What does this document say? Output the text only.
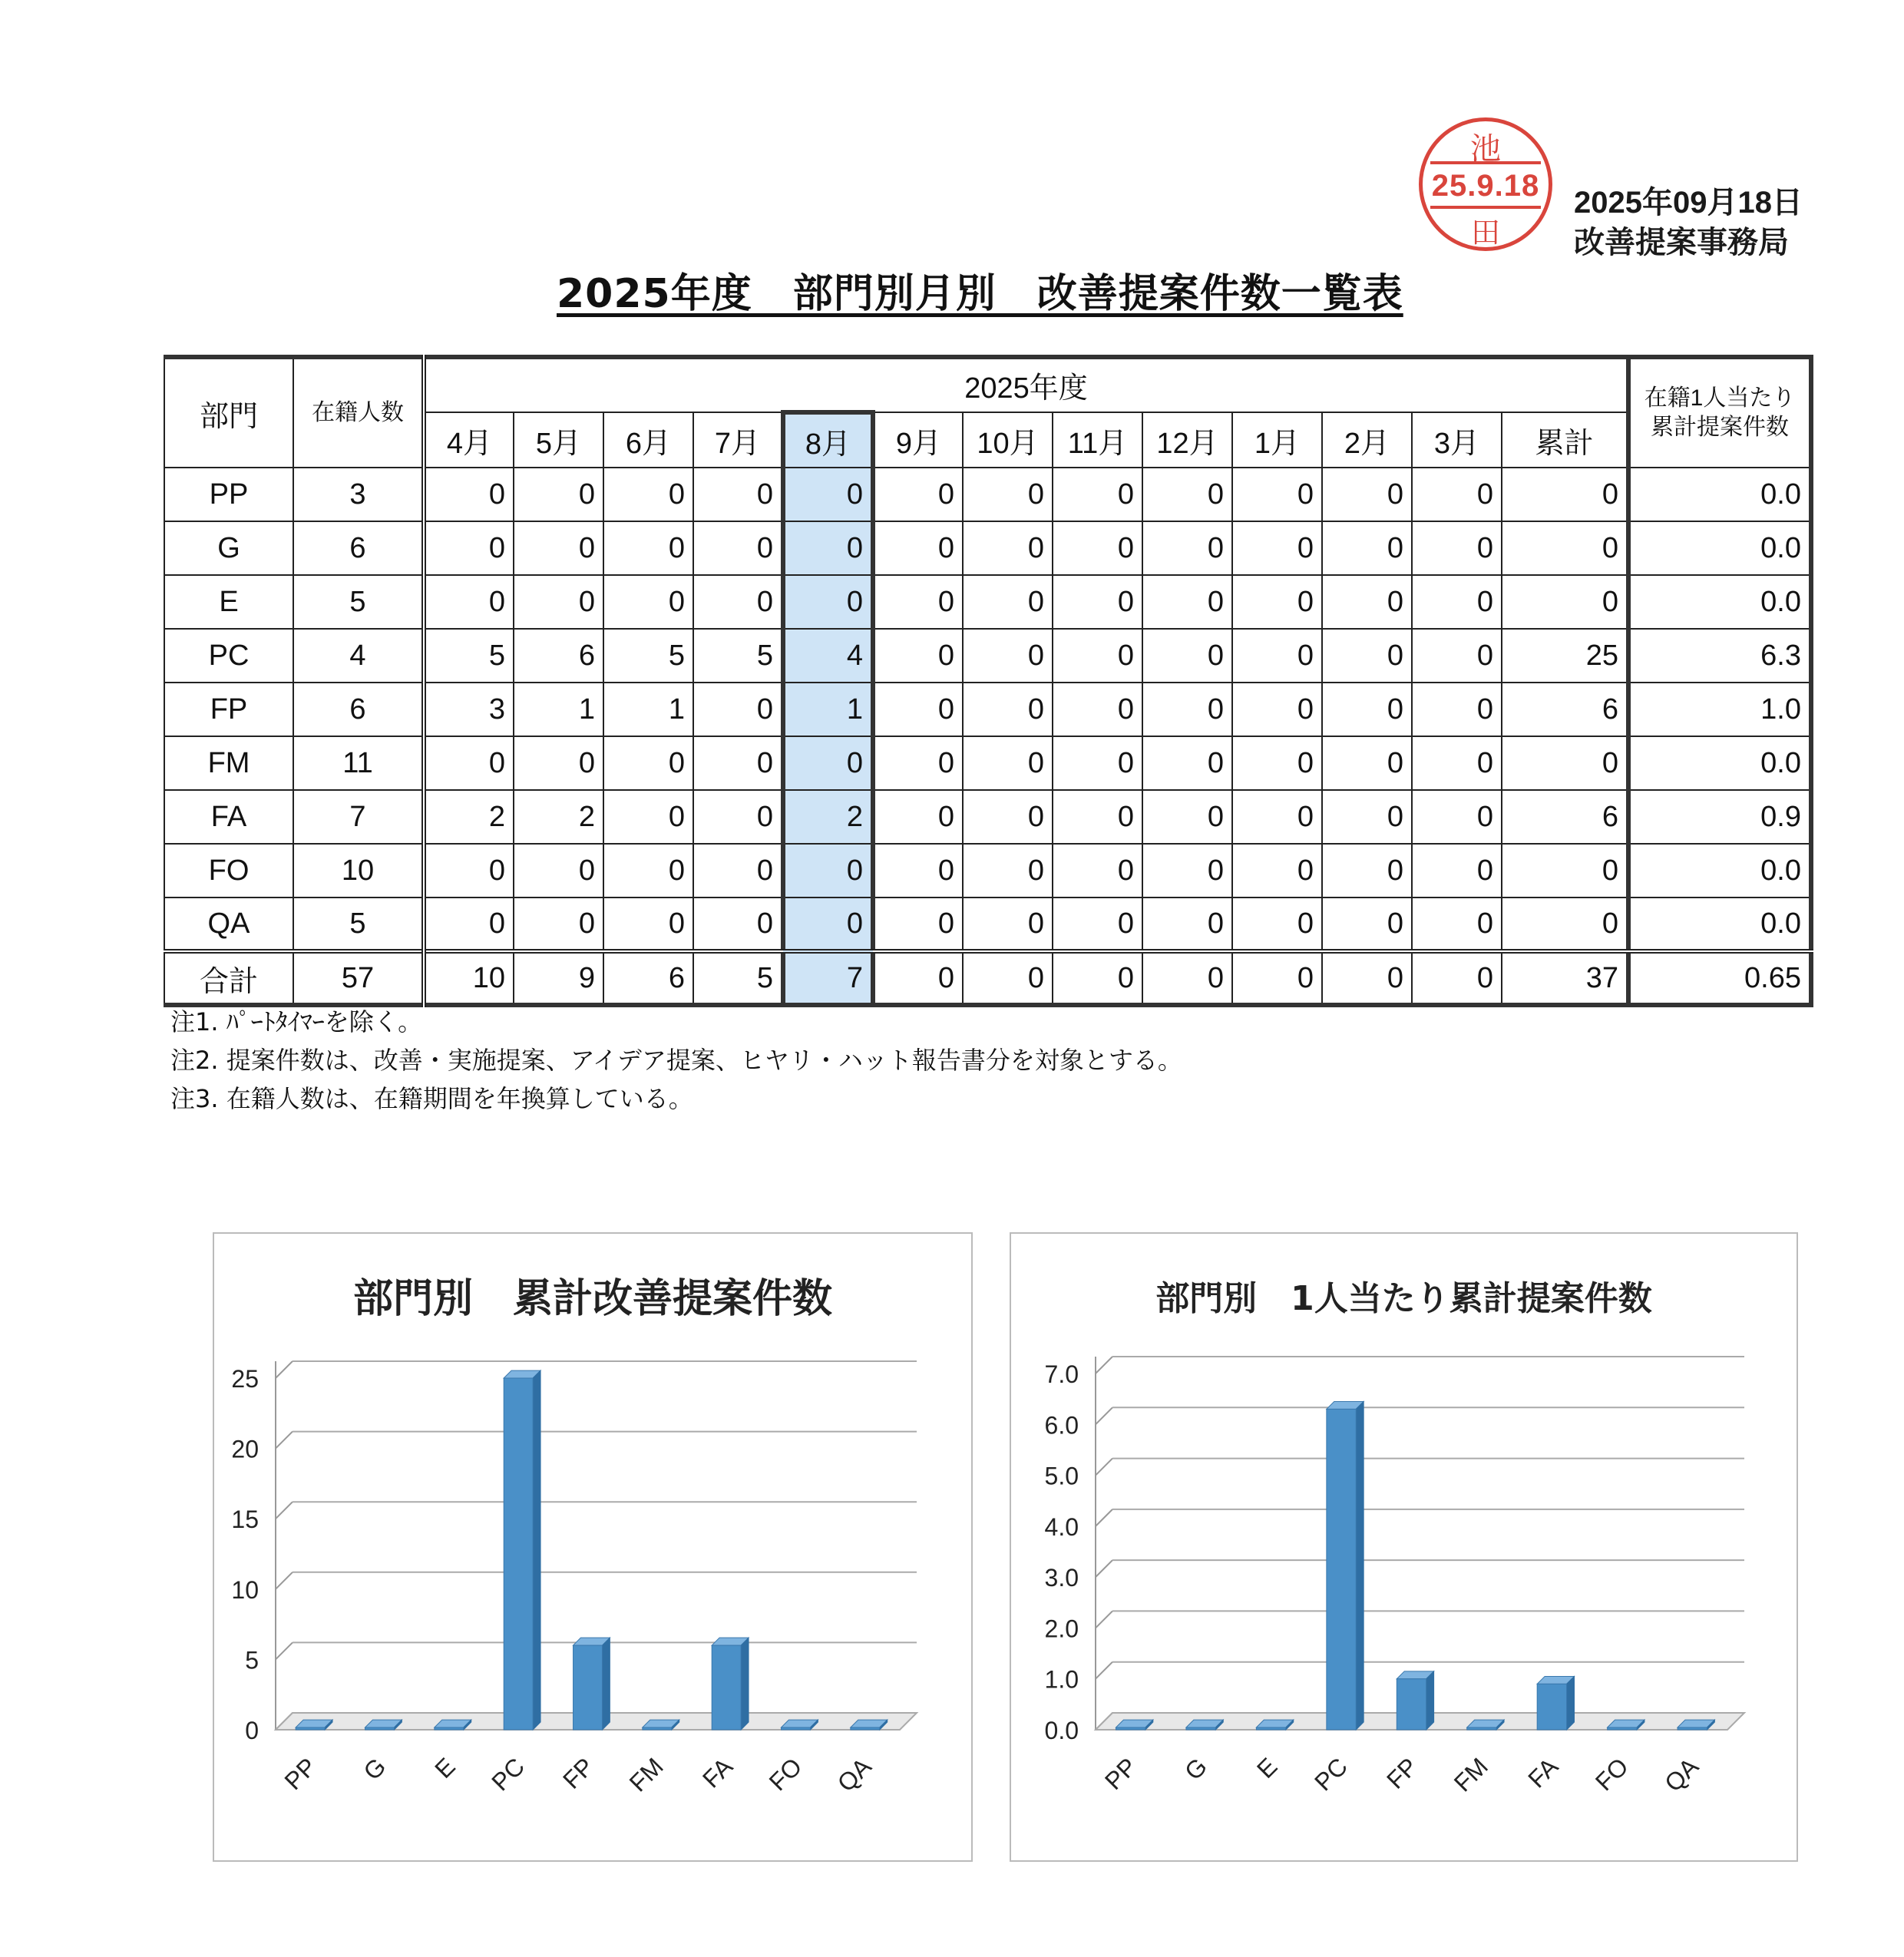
池
25.9.18
田
2025年09月18日
改善提案事務局
2025年度　部門別月別　改善提案件数一覧表
部門	在籍人数	2025年度													在籍1人当たり
累計提案件数

		4月	5月	6月	7月	8月	9月	10月	11月	12月	1月	2月	3月	累計	
PP	3	0	0	0	0	0	0	0	0	0	0	0	0	0	0.0
G	6	0	0	0	0	0	0	0	0	0	0	0	0	0	0.0
E	5	0	0	0	0	0	0	0	0	0	0	0	0	0	0.0
PC	4	5	6	5	5	4	0	0	0	0	0	0	0	25	6.3
FP	6	3	1	1	0	1	0	0	0	0	0	0	0	6	1.0
FM	11	0	0	0	0	0	0	0	0	0	0	0	0	0	0.0
FA	7	2	2	0	0	2	0	0	0	0	0	0	0	6	0.9
FO	10	0	0	0	0	0	0	0	0	0	0	0	0	0	0.0
QA	5	0	0	0	0	0	0	0	0	0	0	0	0	0	0.0
合計	57	10	9	6	5	7	0	0	0	0	0	0	0	37	0.65
注1. ﾊﾟｰﾄﾀｲﾏｰを除く。
注2. 提案件数は、改善・実施提案、アイデア提案、ヒヤリ・ハット報告書分を対象とする。
注3. 在籍人数は、在籍期間を年換算している。
部門別　累計改善提案件数
0
5
10
15
20
25
PP G E PC FP FM FA FO QA
部門別　1人当たり累計提案件数
0.0
1.0
2.0
3.0
4.0
5.0
6.0
7.0
PP G E PC FP FM FA FO QA
